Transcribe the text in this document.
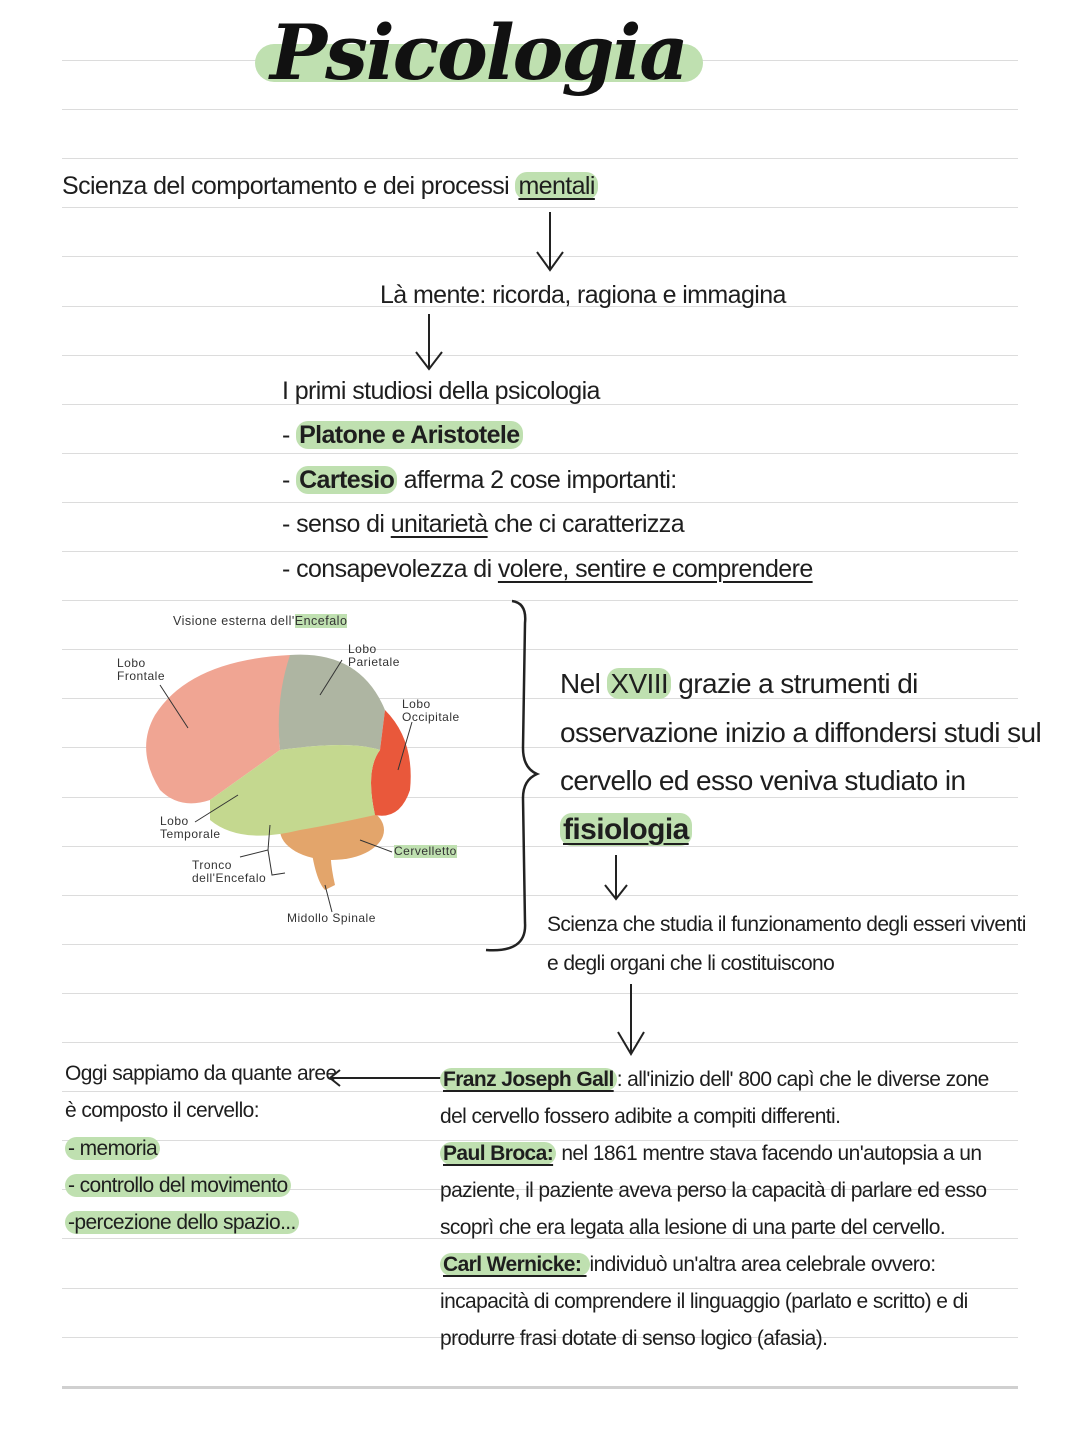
Psicologia
Scienza del comportamento e dei processi mentali
Là mente: ricorda, ragiona e immagina
I primi studiosi della psicologia
- Platone e Aristotele
- Cartesio afferma 2 cose importanti:
- senso di unitarietà che ci caratterizza
- consapevolezza di volere, sentire e comprendere
Visione esterna dell'Encefalo
Lobo
Frontale
Lobo
Parietale
Lobo
Occipitale
Lobo
Temporale
Cervelletto
Tronco
dell'Encefalo
Midollo Spinale
Nel XVIII grazie a strumenti di
osservazione inizio a diffondersi studi sul
cervello ed esso veniva studiato in
fisiologia
Scienza che studia il funzionamento degli esseri viventi
e degli organi che li costituiscono
Oggi sappiamo da quante aree
è composto il cervello:
- memoria
- controllo del movimento
-percezione dello spazio...
Franz Joseph Gall : all'inizio dell' 800 capì che le diverse zone
del cervello fossero adibite a compiti differenti.
Paul Broca: nel 1861 mentre stava facendo un'autopsia a un
paziente, il paziente aveva perso la capacità di parlare ed esso
scoprì che era legata alla lesione di una parte del cervello.
Carl Wernicke: individuò un'altra area celebrale ovvero:
incapacità di comprendere il linguaggio (parlato e scritto) e di
produrre frasi dotate di senso logico (afasia).
